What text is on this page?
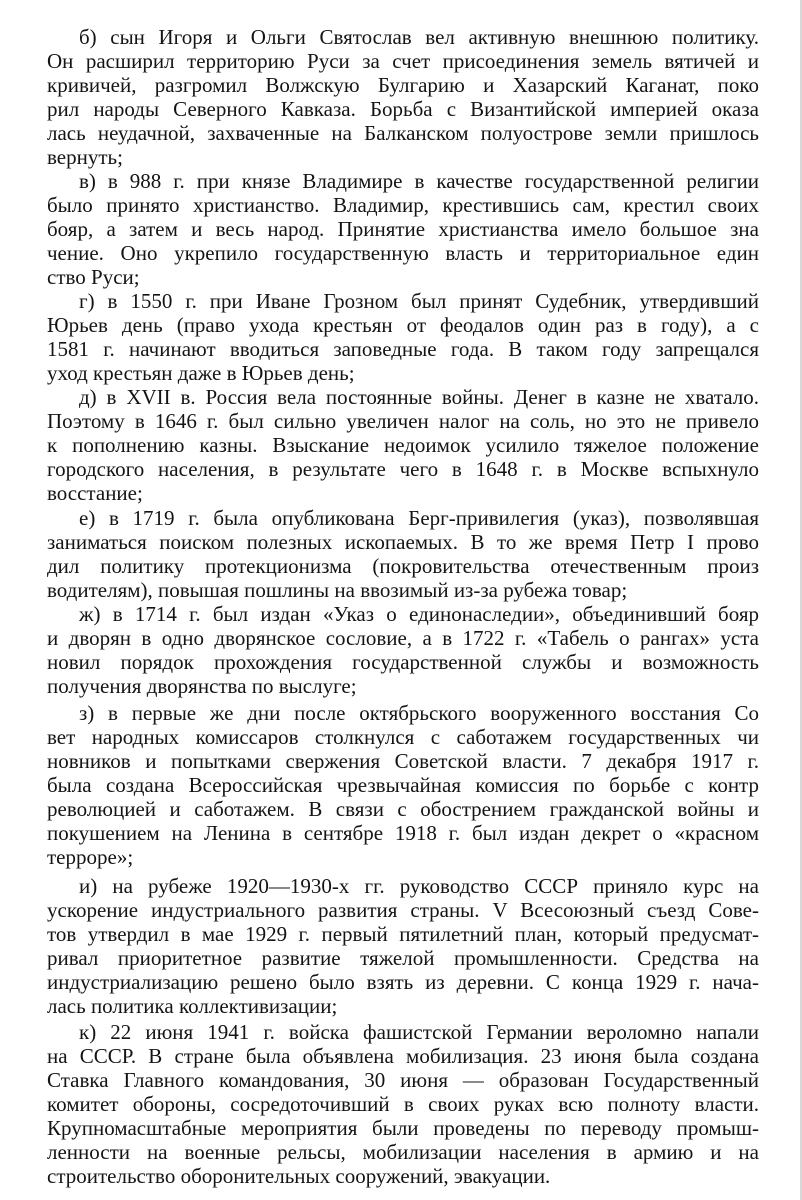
б) сын Игоря и Ольги Святослав вел активную внешнюю политику.
Он расширил территорию Руси за счет присоединения земель вятичей и
кривичей, разгромил Волжскую Булгарию и Хазарский Каганат, поко
рил народы Северного Кавказа. Борьба с Византийской империей оказа
лась неудачной, захваченные на Балканском полуострове земли пришлось
вернуть;
в) в 988 г. при князе Владимире в качестве государственной религии
было принято христианство. Владимир, крестившись сам, крестил своих
бояр, а затем и весь народ. Принятие христианства имело большое зна
чение. Оно укрепило государственную власть и территориальное един
ство Руси;
г) в 1550 г. при Иване Грозном был принят Судебник, утвердивший
Юрьев день (право ухода крестьян от феодалов один раз в году), а с
1581 г. начинают вводиться заповедные года. В таком году запрещался
уход крестьян даже в Юрьев день;
д) в XVII в. Россия вела постоянные войны. Денег в казне не хватало.
Поэтому в 1646 г. был сильно увеличен налог на соль, но это не привело
к пополнению казны. Взыскание недоимок усилило тяжелое положение
городского населения, в результате чего в 1648 г. в Москве вспыхнуло
восстание;
е) в 1719 г. была опубликована Берг-привилегия (указ), позволявшая
заниматься поиском полезных ископаемых. В то же время Петр I прово
дил политику протекционизма (покровительства отечественным произ
водителям), повышая пошлины на ввозимый из-за рубежа товар;
ж) в 1714 г. был издан «Указ о единонаследии», объединивший бояр
и дворян в одно дворянское сословие, а в 1722 г. «Табель о рангах» уста
новил порядок прохождения государственной службы и возможность
получения дворянства по выслуге;
з) в первые же дни после октябрьского вооруженного восстания Со
вет народных комиссаров столкнулся с саботажем государственных чи
новников и попытками свержения Советской власти. 7 декабря 1917 г.
была создана Всероссийская чрезвычайная комиссия по борьбе с контр
революцией и саботажем. В связи с обострением гражданской войны и
покушением на Ленина в сентябре 1918 г. был издан декрет о «красном
терроре»;
и) на рубеже 1920—1930-х гг. руководство СССР приняло курс на
ускорение индустриального развития страны. V Всесоюзный съезд Сове-
тов утвердил в мае 1929 г. первый пятилетний план, который предусмат-
ривал приоритетное развитие тяжелой промышленности. Средства на
индустриализацию решено было взять из деревни. С конца 1929 г. нача-
лась политика коллективизации;
к) 22 июня 1941 г. войска фашистской Германии вероломно напали
на СССР. В стране была объявлена мобилизация. 23 июня была создана
Ставка Главного командования, 30 июня — образован Государственный
комитет обороны, сосредоточивший в своих руках всю полноту власти.
Крупномасштабные мероприятия были проведены по переводу промыш-
ленности на военные рельсы, мобилизации населения в армию и на
строительство оборонительных сооружений, эвакуации.
